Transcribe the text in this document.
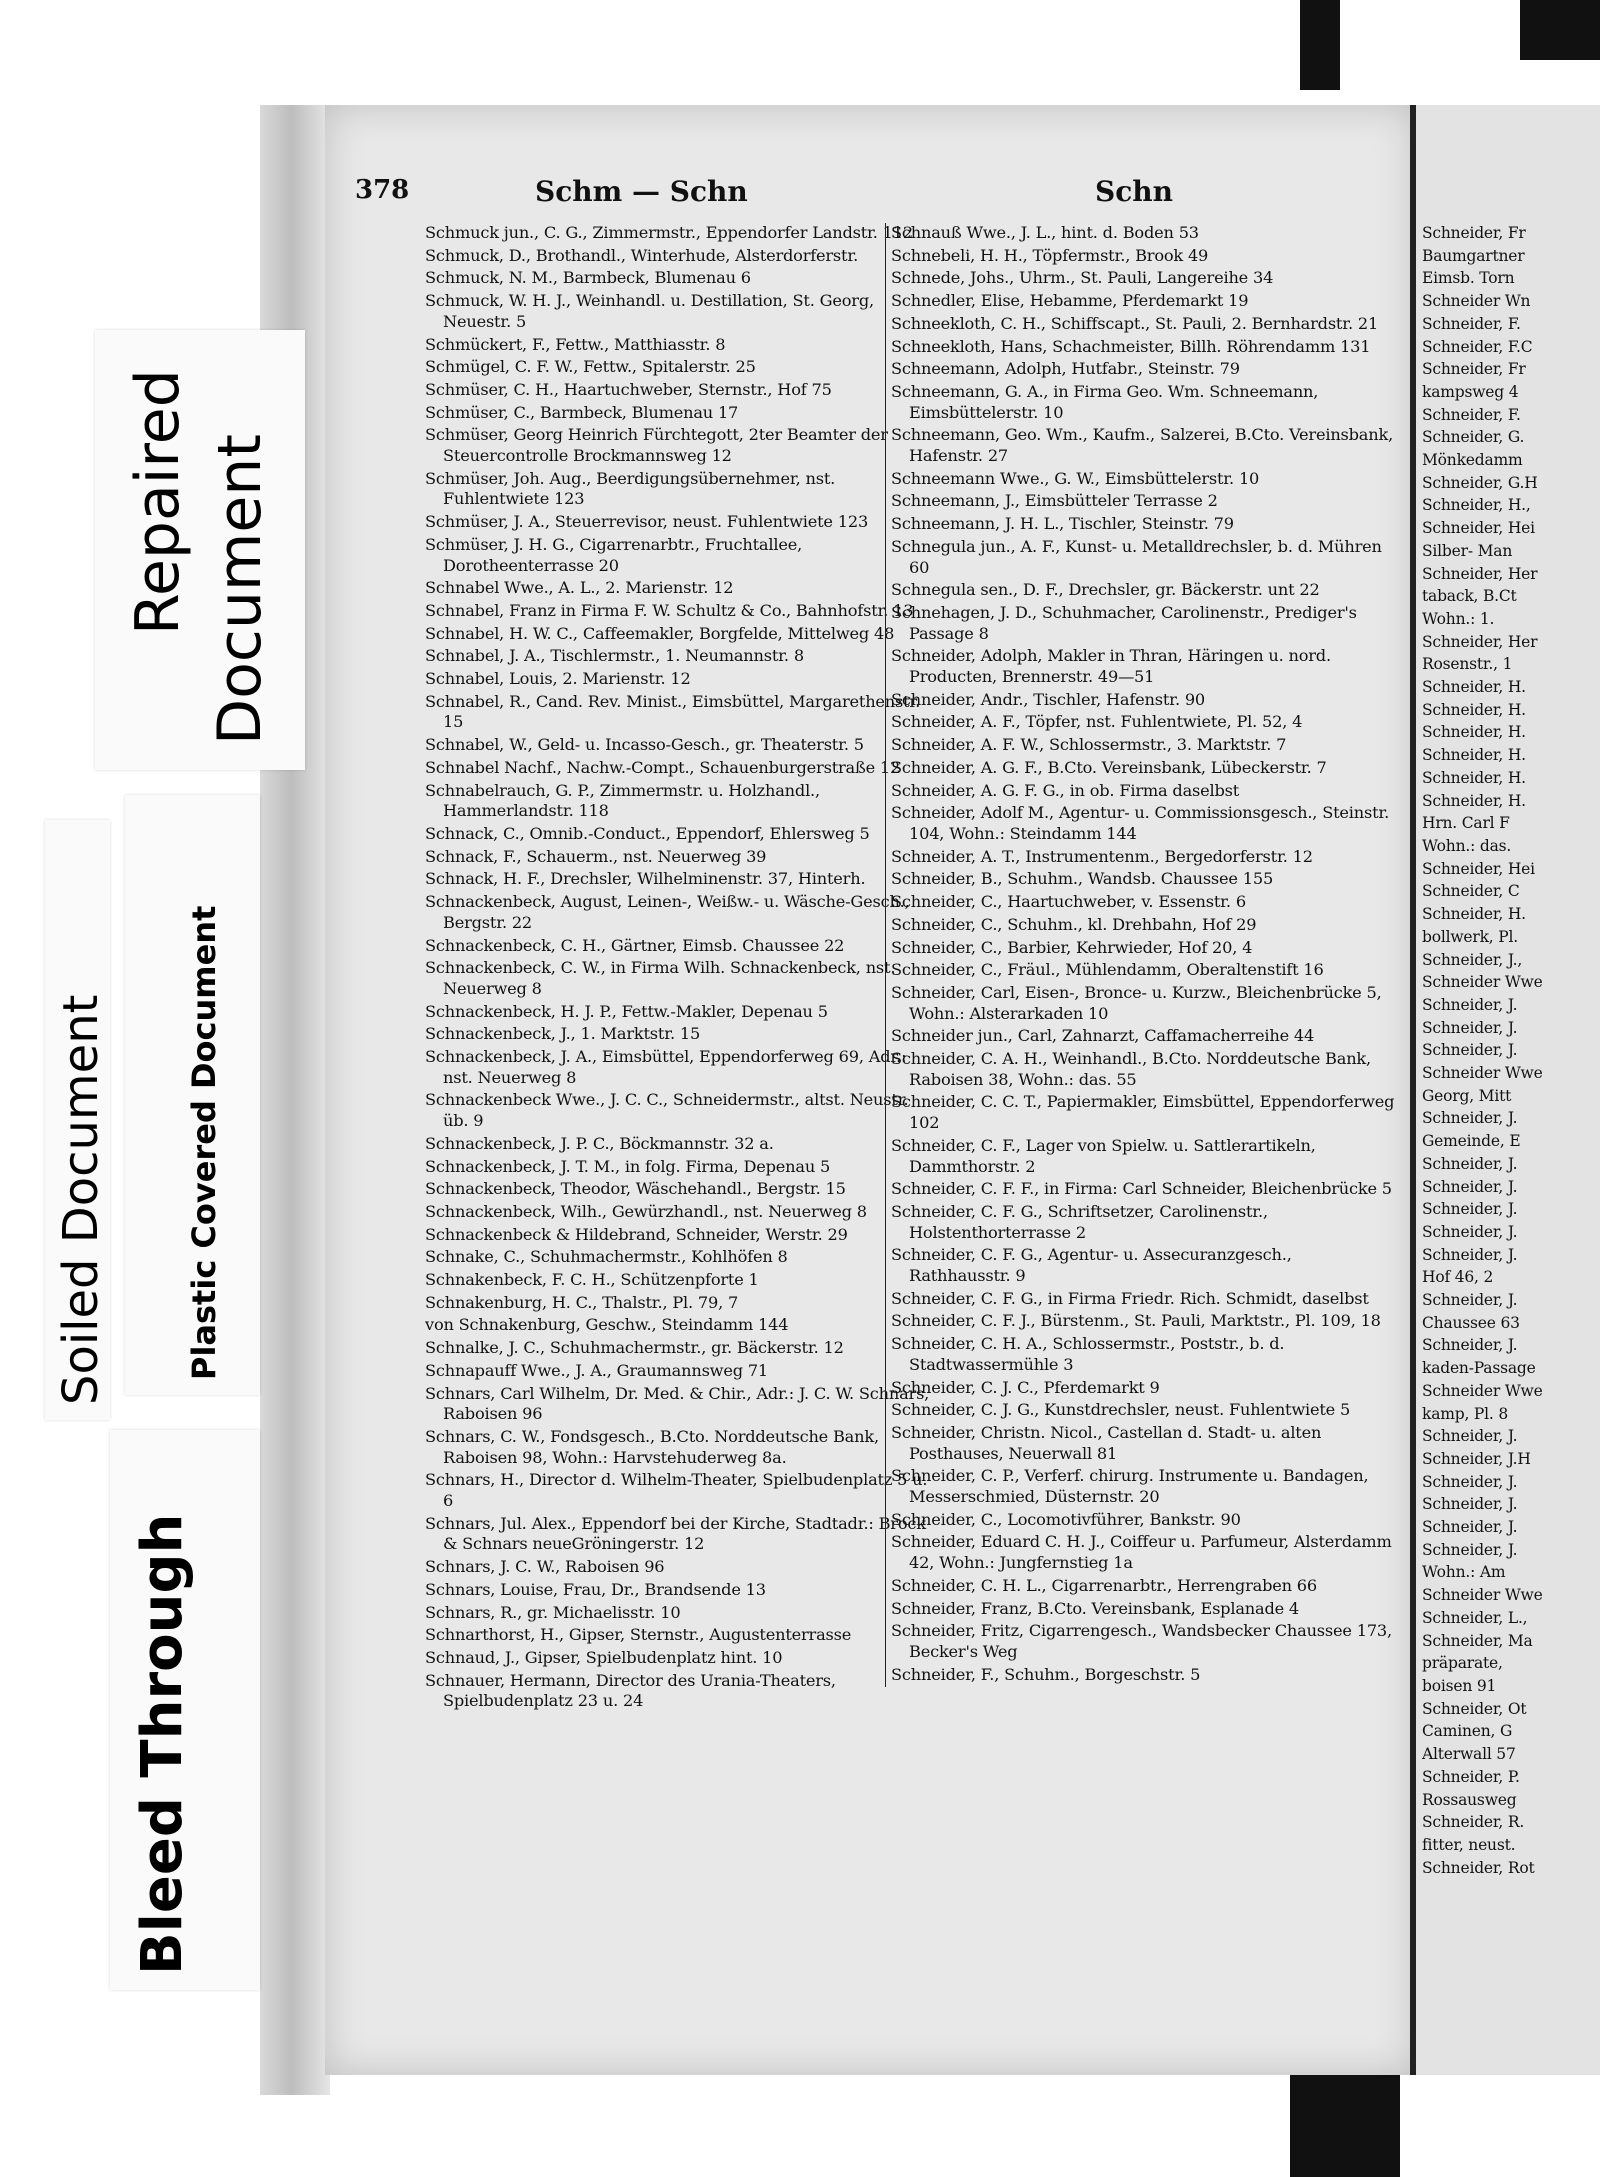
378	Schm — Schn	Schn
Schmuck jun., C. G., Zimmermstr., Eppendorfer Landstr. 112
Schmuck, D., Brothandl., Winterhude, Alsterdorferstr.
Schmuck, N. M., Barmbeck, Blumenau 6
Schmuck, W. H. J., Weinhandl. u. Destillation, St. Georg, Neuestr. 5
Schmückert, F., Fettw., Matthiasstr. 8
Schmügel, C. F. W., Fettw., Spitalerstr. 25
Schmüser, C. H., Haartuchweber, Sternstr., Hof 75
Schmüser, C., Barmbeck, Blumenau 17
Schmüser, Georg Heinrich Fürchtegott, 2ter Beamter der Steuercontrolle Brockmannsweg 12
Schmüser, Joh. Aug., Beerdigungsübernehmer, nst. Fuhlentwiete 123
Schmüser, J. A., Steuerrevisor, neust. Fuhlentwiete 123
Schmüser, J. H. G., Cigarrenarbtr., Fruchtallee, Dorotheenterrasse 20
Schnabel Wwe., A. L., 2. Marienstr. 12
Schnabel, Franz in Firma F. W. Schultz & Co., Bahnhofstr. 13
Schnabel, H. W. C., Caffeemakler, Borgfelde, Mittelweg 48
Schnabel, J. A., Tischlermstr., 1. Neumannstr. 8
Schnabel, Louis, 2. Marienstr. 12
Schnabel, R., Cand. Rev. Minist., Eimsbüttel, Margarethenstr. 15
Schnabel, W., Geld- u. Incasso-Gesch., gr. Theaterstr. 5
Schnabel Nachf., Nachw.-Compt., Schauenburgerstraße 12
Schnabelrauch, G. P., Zimmermstr. u. Holzhandl., Hammerlandstr. 118
Schnack, C., Omnib.-Conduct., Eppendorf, Ehlersweg 5
Schnack, F., Schauerm., nst. Neuerweg 39
Schnack, H. F., Drechsler, Wilhelminenstr. 37, Hinterh.
Schnackenbeck, August, Leinen-, Weißw.- u. Wäsche-Gesch., Bergstr. 22
Schnackenbeck, C. H., Gärtner, Eimsb. Chaussee 22
Schnackenbeck, C. W., in Firma Wilh. Schnackenbeck, nst. Neuerweg 8
Schnackenbeck, H. J. P., Fettw.-Makler, Depenau 5
Schnackenbeck, J., 1. Marktstr. 15
Schnackenbeck, J. A., Eimsbüttel, Eppendorferweg 69, Adr.: nst. Neuerweg 8
Schnackenbeck Wwe., J. C. C., Schneidermstr., altst. Neustr. üb. 9
Schnackenbeck, J. P. C., Böckmannstr. 32 a.
Schnackenbeck, J. T. M., in folg. Firma, Depenau 5
Schnackenbeck, Theodor, Wäschehandl., Bergstr. 15
Schnackenbeck, Wilh., Gewürzhandl., nst. Neuerweg 8
Schnackenbeck & Hildebrand, Schneider, Werstr. 29
Schnake, C., Schuhmachermstr., Kohlhöfen 8
Schnakenbeck, F. C. H., Schützenpforte 1
Schnakenburg, H. C., Thalstr., Pl. 79, 7
von Schnakenburg, Geschw., Steindamm 144
Schnalke, J. C., Schuhmachermstr., gr. Bäckerstr. 12
Schnapauff Wwe., J. A., Graumannsweg 71
Schnars, Carl Wilhelm, Dr. Med. & Chir., Adr.: J. C. W. Schnars, Raboisen 96
Schnars, C. W., Fondsgesch., B.Cto. Norddeutsche Bank, Raboisen 98, Wohn.: Harvstehuderweg 8a.
Schnars, H., Director d. Wilhelm-Theater, Spielbudenplatz 5 u. 6
Schnars, Jul. Alex., Eppendorf bei der Kirche, Stadtadr.: Brock & Schnars neueGröningerstr. 12
Schnars, J. C. W., Raboisen 96
Schnars, Louise, Frau, Dr., Brandsende 13
Schnars, R., gr. Michaelisstr. 10
Schnarthorst, H., Gipser, Sternstr., Augustenterrasse
Schnaud, J., Gipser, Spielbudenplatz hint. 10
Schnauer, Hermann, Director des Urania-Theaters, Spielbudenplatz 23 u. 24
Schnauß Wwe., J. L., hint. d. Boden 53
Schnebeli, H. H., Töpfermstr., Brook 49
Schnede, Johs., Uhrm., St. Pauli, Langereihe 34
Schnedler, Elise, Hebamme, Pferdemarkt 19
Schneekloth, C. H., Schiffscapt., St. Pauli, 2. Bernhardstr. 21
Schneekloth, Hans, Schachmeister, Billh. Röhrendamm 131
Schneemann, Adolph, Hutfabr., Steinstr. 79
Schneemann, G. A., in Firma Geo. Wm. Schneemann, Eimsbüttelerstr. 10
Schneemann, Geo. Wm., Kaufm., Salzerei, B.Cto. Vereinsbank, Hafenstr. 27
Schneemann Wwe., G. W., Eimsbüttelerstr. 10
Schneemann, J., Eimsbütteler Terrasse 2
Schneemann, J. H. L., Tischler, Steinstr. 79
Schnegula jun., A. F., Kunst- u. Metalldrechsler, b. d. Mühren 60
Schnegula sen., D. F., Drechsler, gr. Bäckerstr. unt 22
Schnehagen, J. D., Schuhmacher, Carolinenstr., Prediger's Passage 8
Schneider, Adolph, Makler in Thran, Häringen u. nord. Producten, Brennerstr. 49—51
Schneider, Andr., Tischler, Hafenstr. 90
Schneider, A. F., Töpfer, nst. Fuhlentwiete, Pl. 52, 4
Schneider, A. F. W., Schlossermstr., 3. Marktstr. 7
Schneider, A. G. F., B.Cto. Vereinsbank, Lübeckerstr. 7
Schneider, A. G. F. G., in ob. Firma daselbst
Schneider, Adolf M., Agentur- u. Commissionsgesch., Steinstr. 104, Wohn.: Steindamm 144
Schneider, A. T., Instrumentenm., Bergedorferstr. 12
Schneider, B., Schuhm., Wandsb. Chaussee 155
Schneider, C., Haartuchweber, v. Essenstr. 6
Schneider, C., Schuhm., kl. Drehbahn, Hof 29
Schneider, C., Barbier, Kehrwieder, Hof 20, 4
Schneider, C., Fräul., Mühlendamm, Oberaltenstift 16
Schneider, Carl, Eisen-, Bronce- u. Kurzw., Bleichenbrücke 5, Wohn.: Alsterarkaden 10
Schneider jun., Carl, Zahnarzt, Caffamacherreihe 44
Schneider, C. A. H., Weinhandl., B.Cto. Norddeutsche Bank, Raboisen 38, Wohn.: das. 55
Schneider, C. C. T., Papiermakler, Eimsbüttel, Eppendorferweg 102
Schneider, C. F., Lager von Spielw. u. Sattlerartikeln, Dammthorstr. 2
Schneider, C. F. F., in Firma: Carl Schneider, Bleichenbrücke 5
Schneider, C. F. G., Schriftsetzer, Carolinenstr., Holstenthorterrasse 2
Schneider, C. F. G., Agentur- u. Assecuranzgesch., Rathhausstr. 9
Schneider, C. F. G., in Firma Friedr. Rich. Schmidt, daselbst
Schneider, C. F. J., Bürstenm., St. Pauli, Marktstr., Pl. 109, 18
Schneider, C. H. A., Schlossermstr., Poststr., b. d. Stadtwassermühle 3
Schneider, C. J. C., Pferdemarkt 9
Schneider, C. J. G., Kunstdrechsler, neust. Fuhlentwiete 5
Schneider, Christn. Nicol., Castellan d. Stadt- u. alten Posthauses, Neuerwall 81
Schneider, C. P., Verferf. chirurg. Instrumente u. Bandagen, Messerschmied, Düsternstr. 20
Schneider, C., Locomotivführer, Bankstr. 90
Schneider, Eduard C. H. J., Coiffeur u. Parfumeur, Alsterdamm 42, Wohn.: Jungfernstieg 1a
Schneider, C. H. L., Cigarrenarbtr., Herrengraben 66
Schneider, Franz, B.Cto. Vereinsbank, Esplanade 4
Schneider, Fritz, Cigarrengesch., Wandsbecker Chaussee 173, Becker's Weg
Schneider, F., Schuhm., Borgeschstr. 5
Schneider, Fr
Baumgartner
Eimsb. Torn
Schneider Wn
Schneider, F.
Schneider, F.C
Schneider, Fr
kampsweg 4
Schneider, F.
Schneider, G.
Mönkedamm
Schneider, G.H
Schneider, H.,
Schneider, Hei
Silber- Man
Schneider, Her
taback, B.Ct
Wohn.: 1.
Schneider, Her
Rosenstr., 1
Schneider, H.
Schneider, H.
Schneider, H.
Schneider, H.
Schneider, H.
Schneider, H.
Hrn. Carl F
Wohn.: das.
Schneider, Hei
Schneider, C
Schneider, H.
bollwerk, Pl.
Schneider, J.,
Schneider Wwe
Schneider, J.
Schneider, J.
Schneider, J.
Schneider Wwe
Georg, Mitt
Schneider, J.
Gemeinde, E
Schneider, J.
Schneider, J.
Schneider, J.
Schneider, J.
Schneider, J.
Hof 46, 2
Schneider, J.
Chaussee 63
Schneider, J.
kaden-Passage
Schneider Wwe
kamp, Pl. 8
Schneider, J.
Schneider, J.H
Schneider, J.
Schneider, J.
Schneider, J.
Schneider, J.
Wohn.: Am
Schneider Wwe
Schneider, L.,
Schneider, Ma
präparate,
boisen 91
Schneider, Ot
Caminen, G
Alterwall 57
Schneider, P.
Rossausweg
Schneider, R.
fitter, neust.
Schneider, Rot
Bleed Through
Soiled Document Plastic Covered Document
Repaired Document
